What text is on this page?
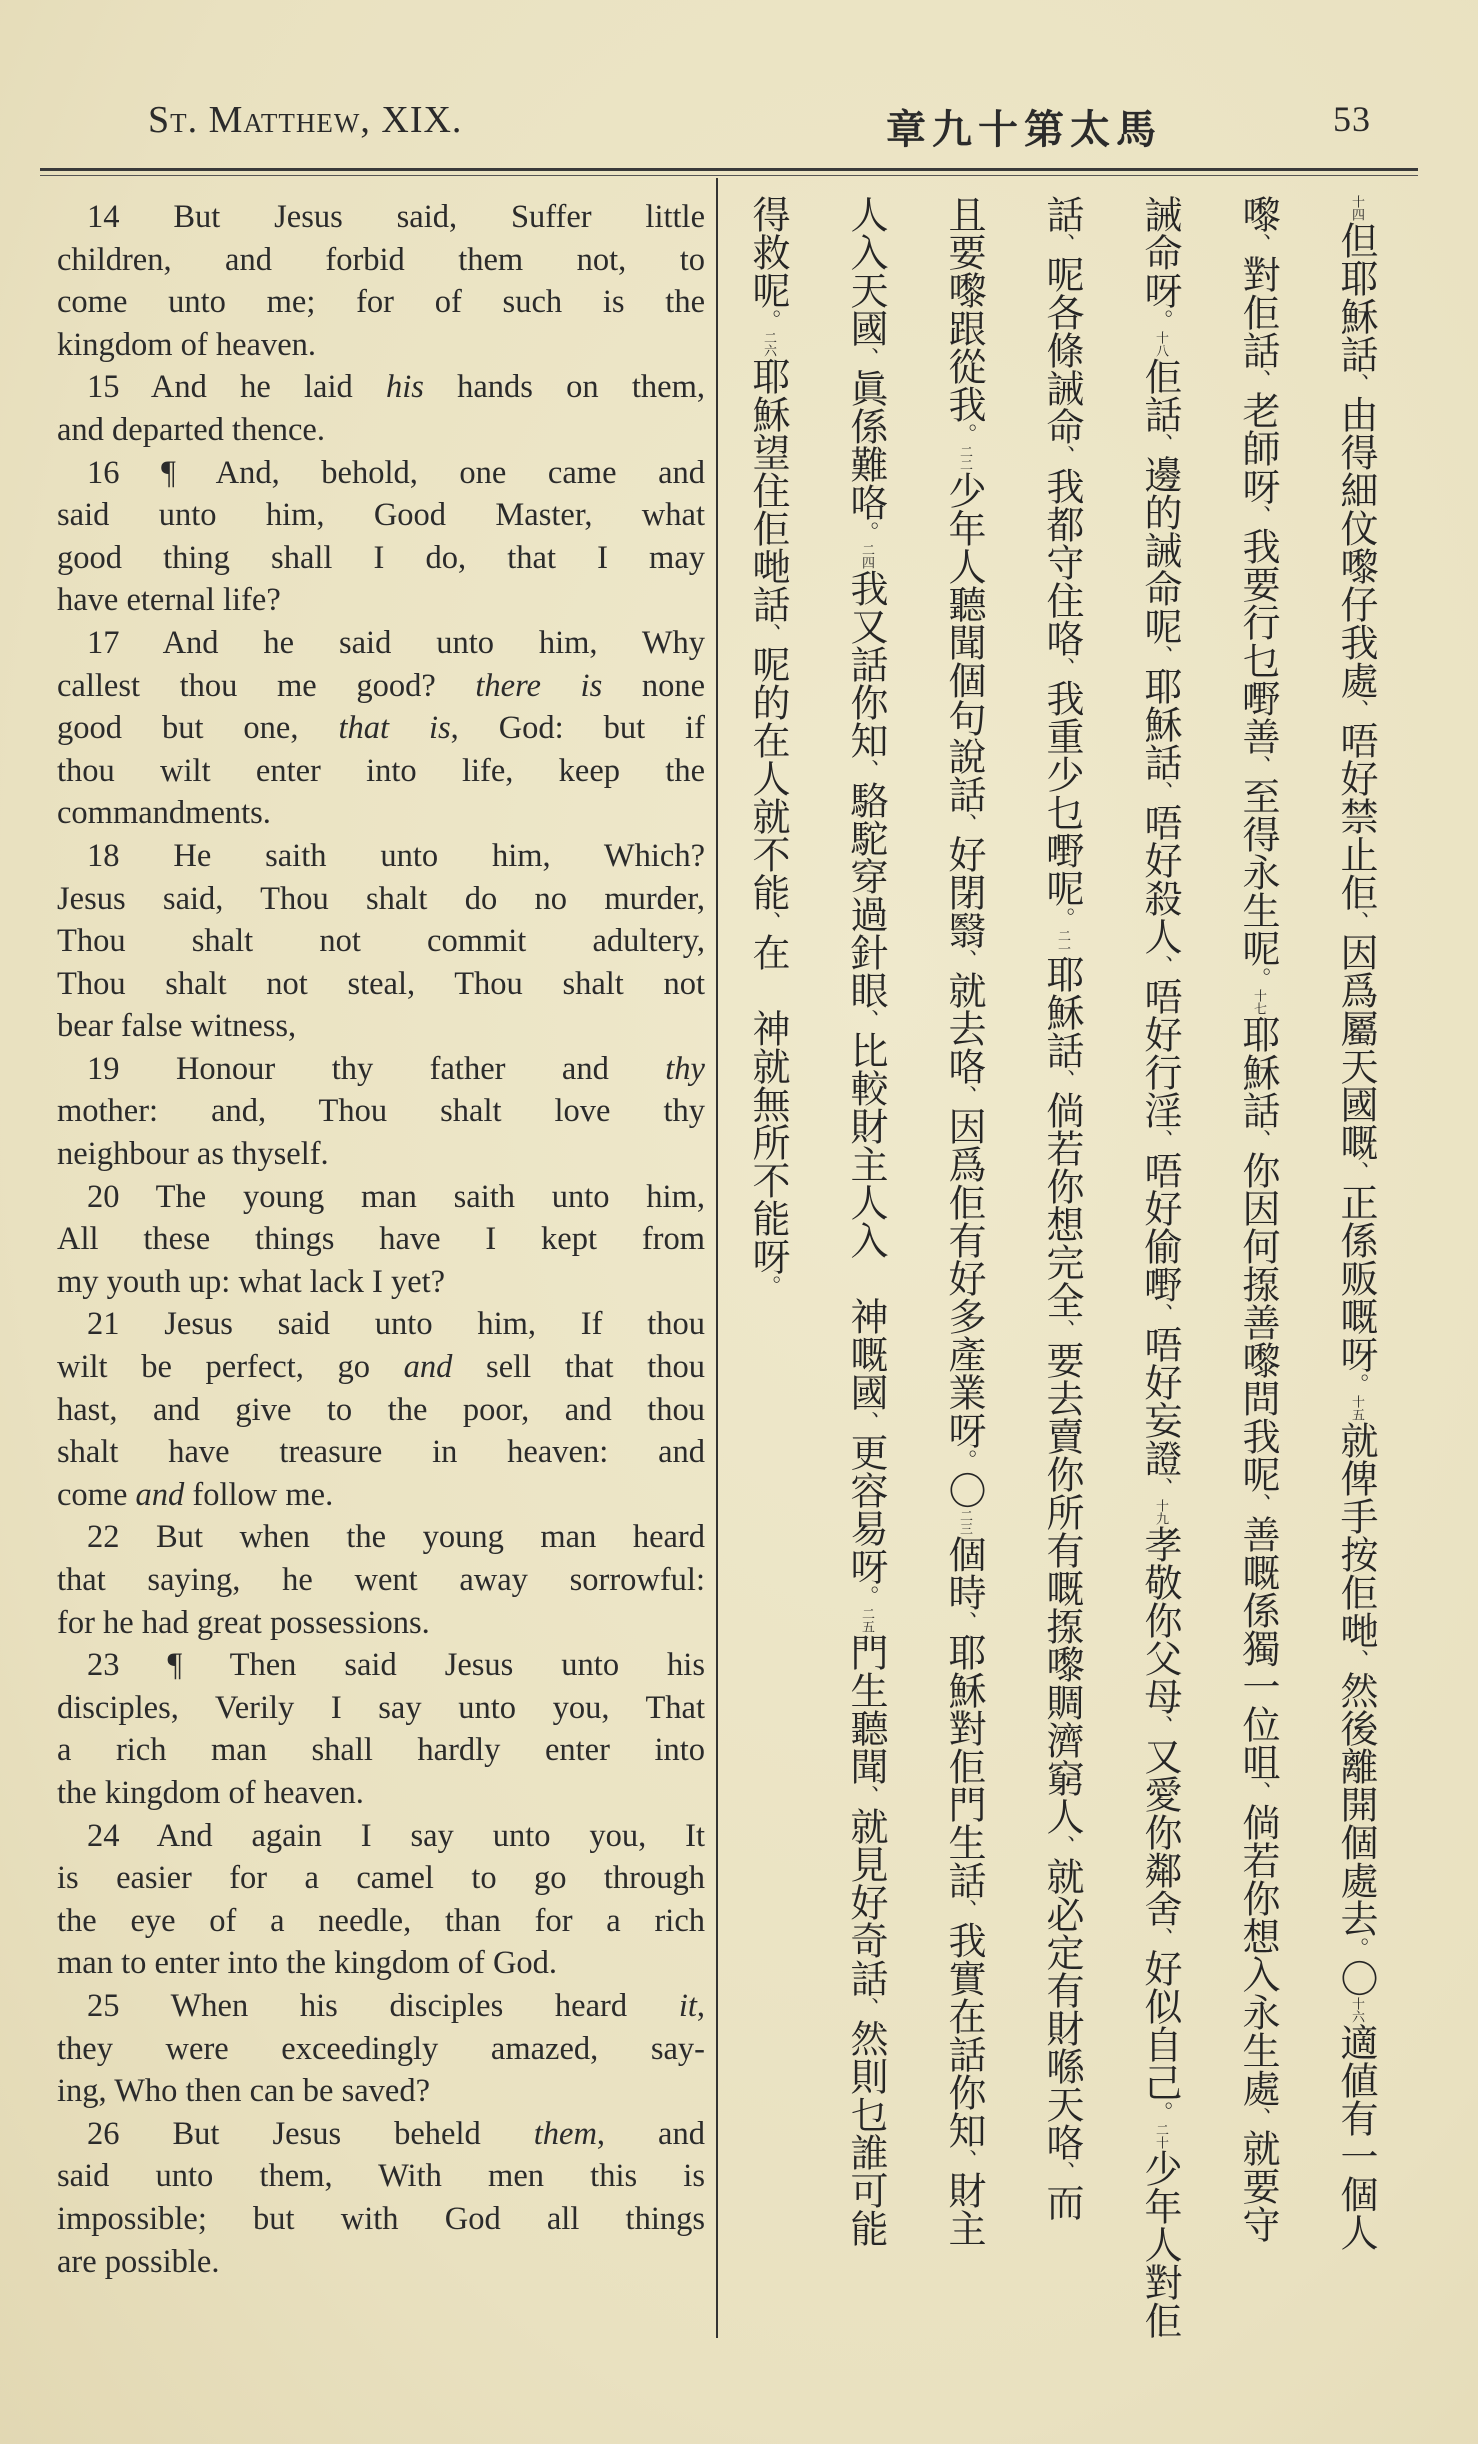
St. Matthew, XIX.	章九十第太馬	53
14 But Jesus said, Suffer little
children, and forbid them not, to
come unto me; for of such is the
kingdom of heaven.
15 And he laid his hands on them,
and departed thence.
16 ¶ And, behold, one came and
said unto him, Good Master, what
good thing shall I do, that I may
have eternal life?
17 And he said unto him, Why
callest thou me good? there is none
good but one, that is, God: but if
thou wilt enter into life, keep the
commandments.
18 He saith unto him, Which?
Jesus said, Thou shalt do no murder,
Thou shalt not commit adultery,
Thou shalt not steal, Thou shalt not
bear false witness,
19 Honour thy father and thy
mother: and, Thou shalt love thy
neighbour as thyself.
20 The young man saith unto him,
All these things have I kept from
my youth up: what lack I yet?
21 Jesus said unto him, If thou
wilt be perfect, go and sell that thou
hast, and give to the poor, and thou
shalt have treasure in heaven: and
come and follow me.
22 But when the young man heard
that saying, he went away sorrowful:
for he had great possessions.
23 ¶ Then said Jesus unto his
disciples, Verily I say unto you, That
a rich man shall hardly enter into
the kingdom of heaven.
24 And again I say unto you, It
is easier for a camel to go through
the eye of a needle, than for a rich
man to enter into the kingdom of God.
25 When his disciples heard it,
they were exceedingly amazed, say-
ing, Who then can be saved?
26 But Jesus beheld them, and
said unto them, With men this is
impossible; but with God all things
are possible.
十四但耶穌話、由得細伩嚟仔我處、唔好禁止佢、因爲屬天國嘅、正係贩嘅呀。十五就俾手按佢哋、然後離開個處去。〇十六適値有一個人
嚟、對佢話、老師呀、我要行乜嘢善、至得永生呢。十七耶穌話、你因何揼善嚟問我呢、善嘅係獨一位咀、倘若你想入永生處、就要守
誡命呀。十八佢話、邊的誡命呢、耶穌話、唔好殺人、唔好行淫、唔好偷嘢、唔好妄證、十九孝敬你父母、又愛你鄰舍、好似自己。二十少年人對佢
話、呢各條誡命、我都守住咯、我重少乜嘢呢。二一耶穌話、倘若你想完全、要去賣你所有嘅揼嚟賙濟窮人、就必定有財喺天咯、而
且要嚟跟從我。二二少年人聽聞個句說話、好閉翳、就去咯、因爲佢有好多產業呀。〇二三個時、耶穌對佢門生話、我實在話你知、財主
人入天國、眞係難咯。二四我又話你知、駱駝穿過針眼、比較財主人入　神嘅國、更容易呀。二五門生聽聞、就見好奇話、然則乜誰可能
得救呢。二六耶穌望住佢哋話、呢的在人就不能、在　神就無所不能呀。
